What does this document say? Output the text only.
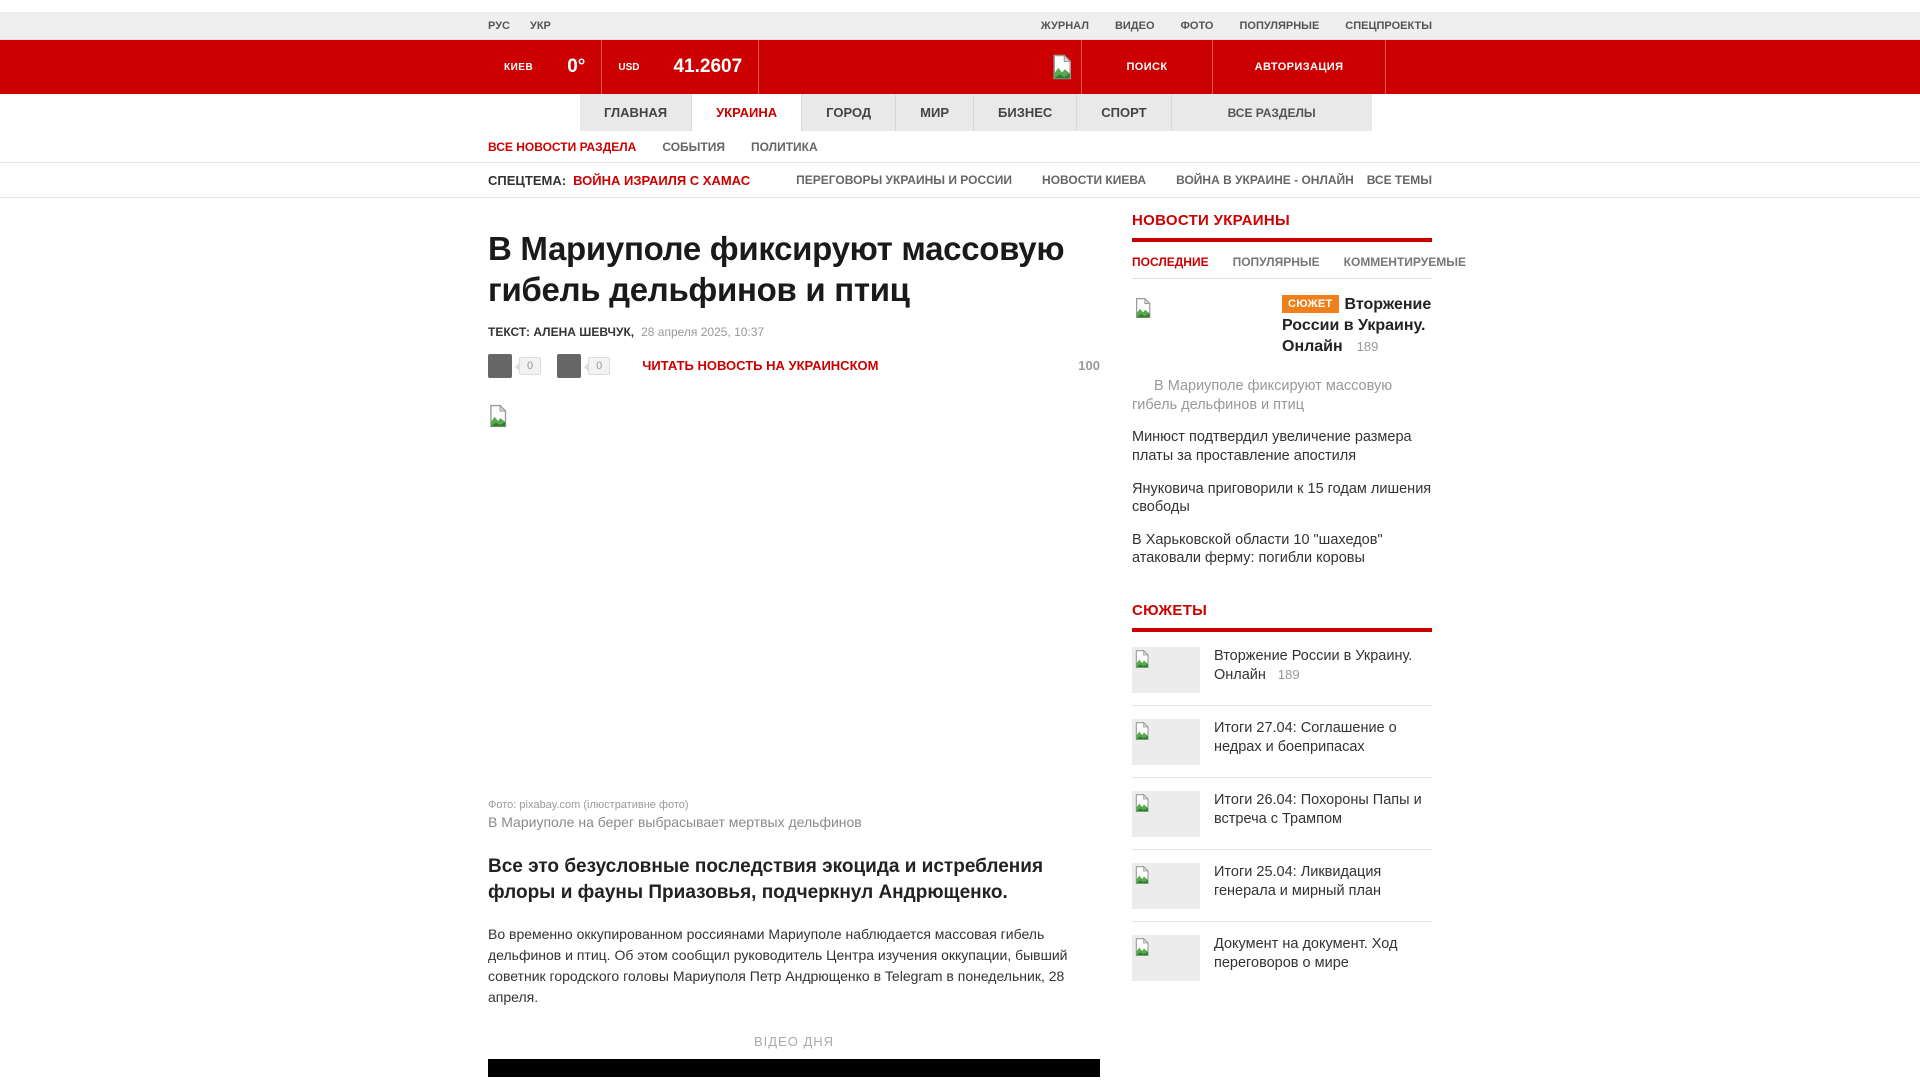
РУС УКР	ЖУРНАЛ ВИДЕО ФОТО ПОПУЛЯРНЫЕ СПЕЦПРОЕКТЫ
КИЕВ 0°	USD 41.2607	ПОИСК	АВТОРИЗАЦИЯ
ГЛАВНАЯ	УКРАИНА	ГОРОД	МИР	БИЗНЕС	СПОРТ	ВСЕ РАЗДЕЛЫ
ВСЕ НОВОСТИ РАЗДЕЛА СОБЫТИЯ ПОЛИТИКА
СПЕЦТЕМА: ВОЙНА ИЗРАИЛЯ С ХАМАС	ПЕРЕГОВОРЫ УКРАИНЫ И РОССИИ	НОВОСТИ КИЕВА	ВОЙНА В УКРАИНЕ - ОНЛАЙН ВСЕ ТЕМЫ
В Мариуполе фиксируют массовую гибель дельфинов и птиц
ТЕКСТ: АЛЕНА ШЕВЧУК, 28 апреля 2025, 10:37
0	0	ЧИТАТЬ НОВОСТЬ НА УКРАИНСКОМ	100
Фото: pixabay.com (ілюстративне фото)
В Мариуполе на берег выбрасывает мертвых дельфинов
Все это безусловные последствия экоцида и истребления флоры и фауны Приазовья, подчеркнул Андрющенко.

Во временно оккупированном россиянами Мариуполе наблюдается массовая гибель дельфинов и птиц. Об этом сообщил руководитель Центра изучения оккупации, бывший советник городского головы Мариуполя Петр Андрющенко в Telegram в понедельник, 28 апреля.

ВІДЕО ДНЯ
НОВОСТИ УКРАИНЫ
ПОСЛЕДНИЕ ПОПУЛЯРНЫЕ КОММЕНТИРУЕМЫЕ
СЮЖЕТ Вторжение России в Украину. Онлайн 189
В Мариуполе фиксируют массовую гибель дельфинов и птиц
Минюст подтвердил увеличение размера платы за проставление апостиля
Януковича приговорили к 15 годам лишения свободы
В Харьковской области 10 "шахедов" атаковали ферму: погибли коровы
СЮЖЕТЫ
Вторжение России в Украину. Онлайн 189
Итоги 27.04: Соглашение о недрах и боеприпасах
Итоги 26.04: Похороны Папы и встреча с Трампом
Итоги 25.04: Ликвидация генерала и мирный план
Документ на документ. Ход переговоров о мире
